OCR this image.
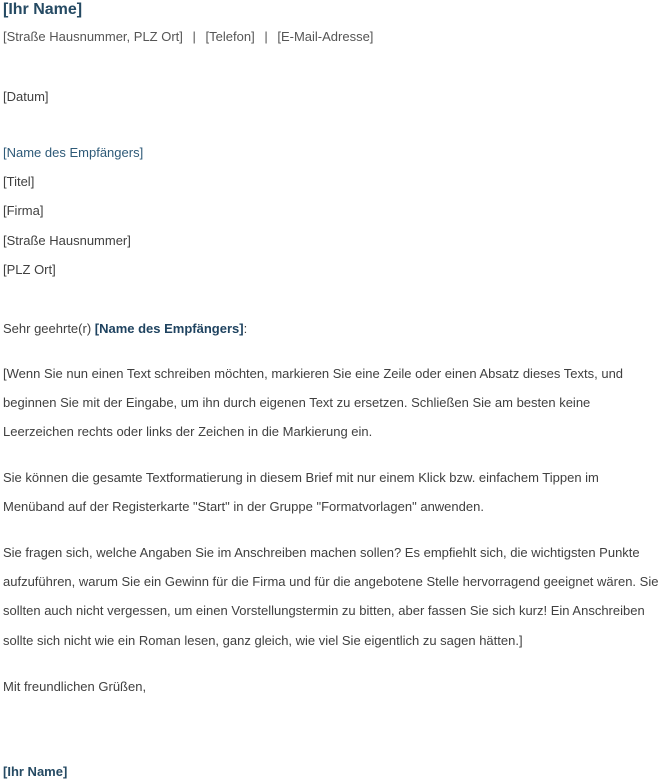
[Ihr Name]
[Straße Hausnummer, PLZ Ort] | [Telefon] | [E-Mail-Adresse]
[Datum]
[Name des Empfängers]
[Titel]
[Firma]
[Straße Hausnummer]
[PLZ Ort]
Sehr geehrte(r) [Name des Empfängers]:

[Wenn Sie nun einen Text schreiben möchten, markieren Sie eine Zeile oder einen Absatz dieses Texts, und beginnen Sie mit der Eingabe, um ihn durch eigenen Text zu ersetzen. Schließen Sie am besten keine Leerzeichen rechts oder links der Zeichen in die Markierung ein.

Sie können die gesamte Textformatierung in diesem Brief mit nur einem Klick bzw. einfachem Tippen im Menüband auf der Registerkarte "Start" in der Gruppe "Formatvorlagen" anwenden.

Sie fragen sich, welche Angaben Sie im Anschreiben machen sollen? Es empfiehlt sich, die wichtigsten Punkte aufzuführen, warum Sie ein Gewinn für die Firma und für die angebotene Stelle hervorragend geeignet wären. Sie sollten auch nicht vergessen, um einen Vorstellungstermin zu bitten, aber fassen Sie sich kurz! Ein Anschreiben sollte sich nicht wie ein Roman lesen, ganz gleich, wie viel Sie eigentlich zu sagen hätten.]

Mit freundlichen Grüßen,
[Ihr Name]
